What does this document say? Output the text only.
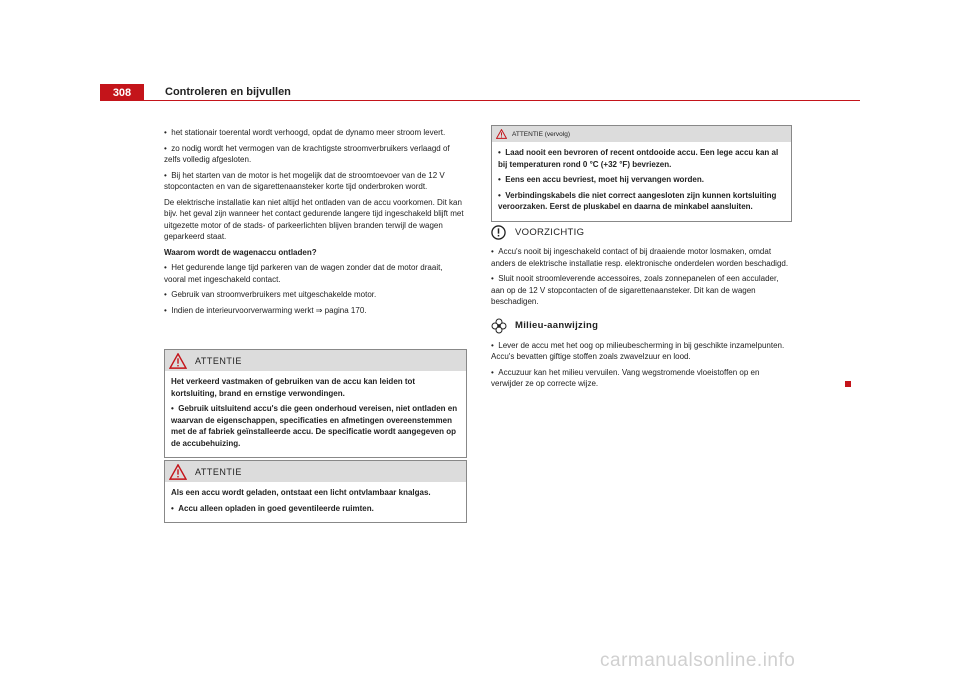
308	Controleren en bijvullen

•  het stationair toerental wordt verhoogd, opdat de dynamo meer stroom levert.

•  zo nodig wordt het vermogen van de krachtigste stroomverbruikers verlaagd of zelfs volledig afgesloten.

•  Bij het starten van de motor is het mogelijk dat de stroomtoevoer van de 12 V stopcontacten en van de sigarettenaansteker korte tijd onderbroken wordt.

De elektrische installatie kan niet altijd het ontladen van de accu voorkomen. Dit kan bijv. het geval zijn wanneer het contact gedurende langere tijd ingeschakeld blijft met uitgezette motor of de stads- of parkeerlichten blijven branden terwijl de wagen geparkeerd staat.

Waarom wordt de wagenaccu ontladen?

•  Het gedurende lange tijd parkeren van de wagen zonder dat de motor draait, vooral met ingeschakeld contact.

•  Gebruik van stroomverbruikers met uitgeschakelde motor.

•  Indien de interieurvoorverwarming werkt ⇒ pagina 170.

ATTENTIE

Het verkeerd vastmaken of gebruiken van de accu kan leiden tot kortsluiting, brand en ernstige verwondingen.

•  Gebruik uitsluitend accu's die geen onderhoud vereisen, niet ontladen en waarvan de eigenschappen, specificaties en afmetingen overeenstemmen met de af fabriek geïnstalleerde accu. De specificatie wordt aangegeven op de accubehuizing.

ATTENTIE

Als een accu wordt geladen, ontstaat een licht ontvlambaar knalgas.

•  Accu alleen opladen in goed geventileerde ruimten.

ATTENTIE (vervolg)

•  Laad nooit een bevroren of recent ontdooide accu. Een lege accu kan al bij temperaturen rond 0 °C (+32 °F) bevriezen.

•  Eens een accu bevriest, moet hij vervangen worden.

•  Verbindingskabels die niet correct aangesloten zijn kunnen kortsluiting veroorzaken. Eerst de pluskabel en daarna de minkabel aansluiten.

VOORZICHTIG

•  Accu's nooit bij ingeschakeld contact of bij draaiende motor losmaken, omdat anders de elektrische installatie resp. elektronische onderdelen worden beschadigd.

•  Sluit nooit stroomleverende accessoires, zoals zonnepanelen of een acculader, aan op de 12 V stopcontacten of de sigarettenaansteker. Dit kan de wagen beschadigen.

Milieu-aanwijzing

•  Lever de accu met het oog op milieubescherming in bij geschikte inzamelpunten. Accu's bevatten giftige stoffen zoals zwavelzuur en lood.

•  Accuzuur kan het milieu vervuilen. Vang wegstromende vloeistoffen op en verwijder ze op correcte wijze.

carmanualsonline.info
